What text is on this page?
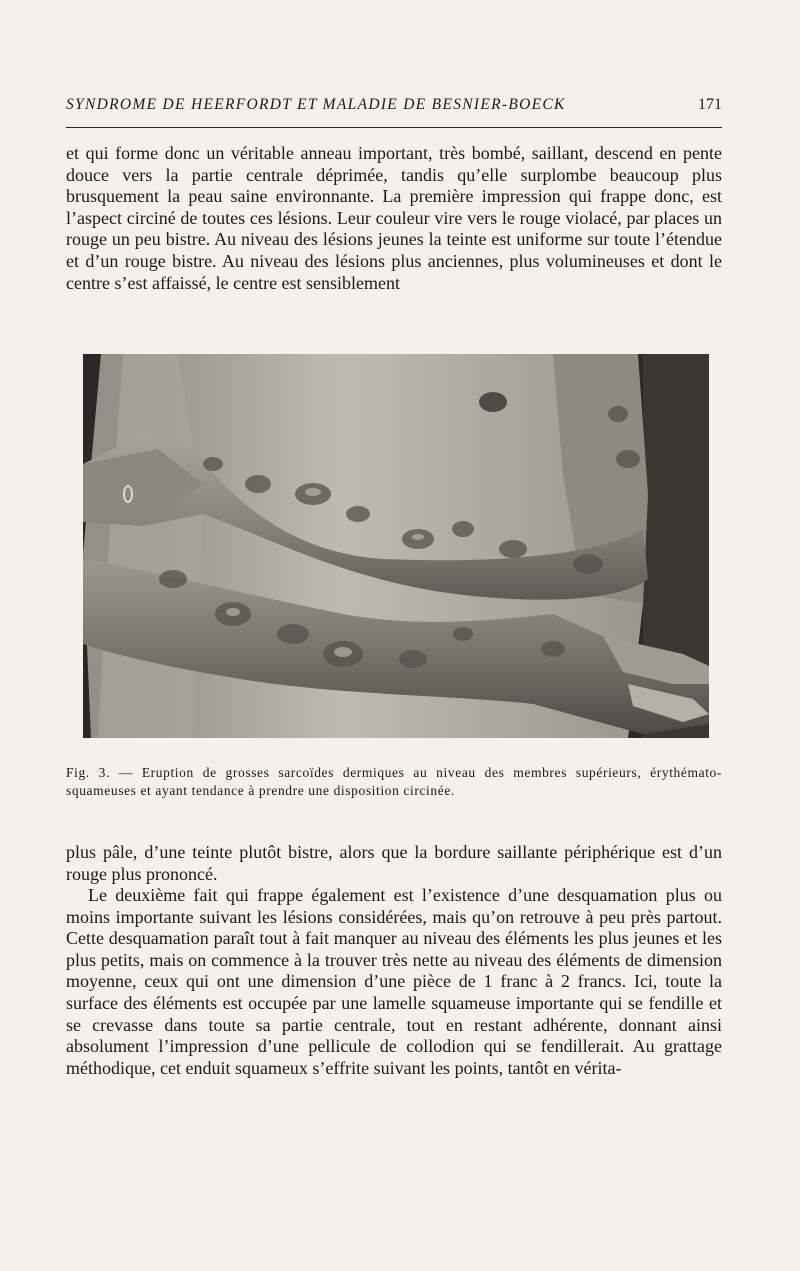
SYNDROME DE HEERFORDT ET MALADIE DE BESNIER-BOECK	171

et qui forme donc un véritable anneau important, très bombé, saillant, descend en pente douce vers la partie centrale déprimée, tandis qu’elle surplombe beaucoup plus brusquement la peau saine environnante. La première impression qui frappe donc, est l’aspect circiné de toutes ces lésions. Leur couleur vire vers le rouge violacé, par places un rouge un peu bistre. Au niveau des lésions jeunes la teinte est uniforme sur toute l’étendue et d’un rouge bistre. Au niveau des lésions plus anciennes, plus volumineuses et dont le centre s’est affaissé, le centre est sensiblement

Fig. 3. — Eruption de grosses sarcoïdes dermiques au niveau des membres supérieurs, érythémato-squameuses et ayant tendance à prendre une disposition circinée.

plus pâle, d’une teinte plutôt bistre, alors que la bordure saillante périphérique est d’un rouge plus prononcé.

Le deuxième fait qui frappe également est l’existence d’une desquamation plus ou moins importante suivant les lésions considérées, mais qu’on retrouve à peu près partout. Cette desquamation paraît tout à fait manquer au niveau des éléments les plus jeunes et les plus petits, mais on commence à la trouver très nette au niveau des éléments de dimension moyenne, ceux qui ont une dimension d’une pièce de 1 franc à 2 francs. Ici, toute la surface des éléments est occupée par une lamelle squameuse importante qui se fendille et se crevasse dans toute sa partie centrale, tout en restant adhérente, donnant ainsi absolument l’impression d’une pellicule de collodion qui se fendillerait. Au grattage méthodique, cet enduit squameux s’effrite suivant les points, tantôt en vérita-
